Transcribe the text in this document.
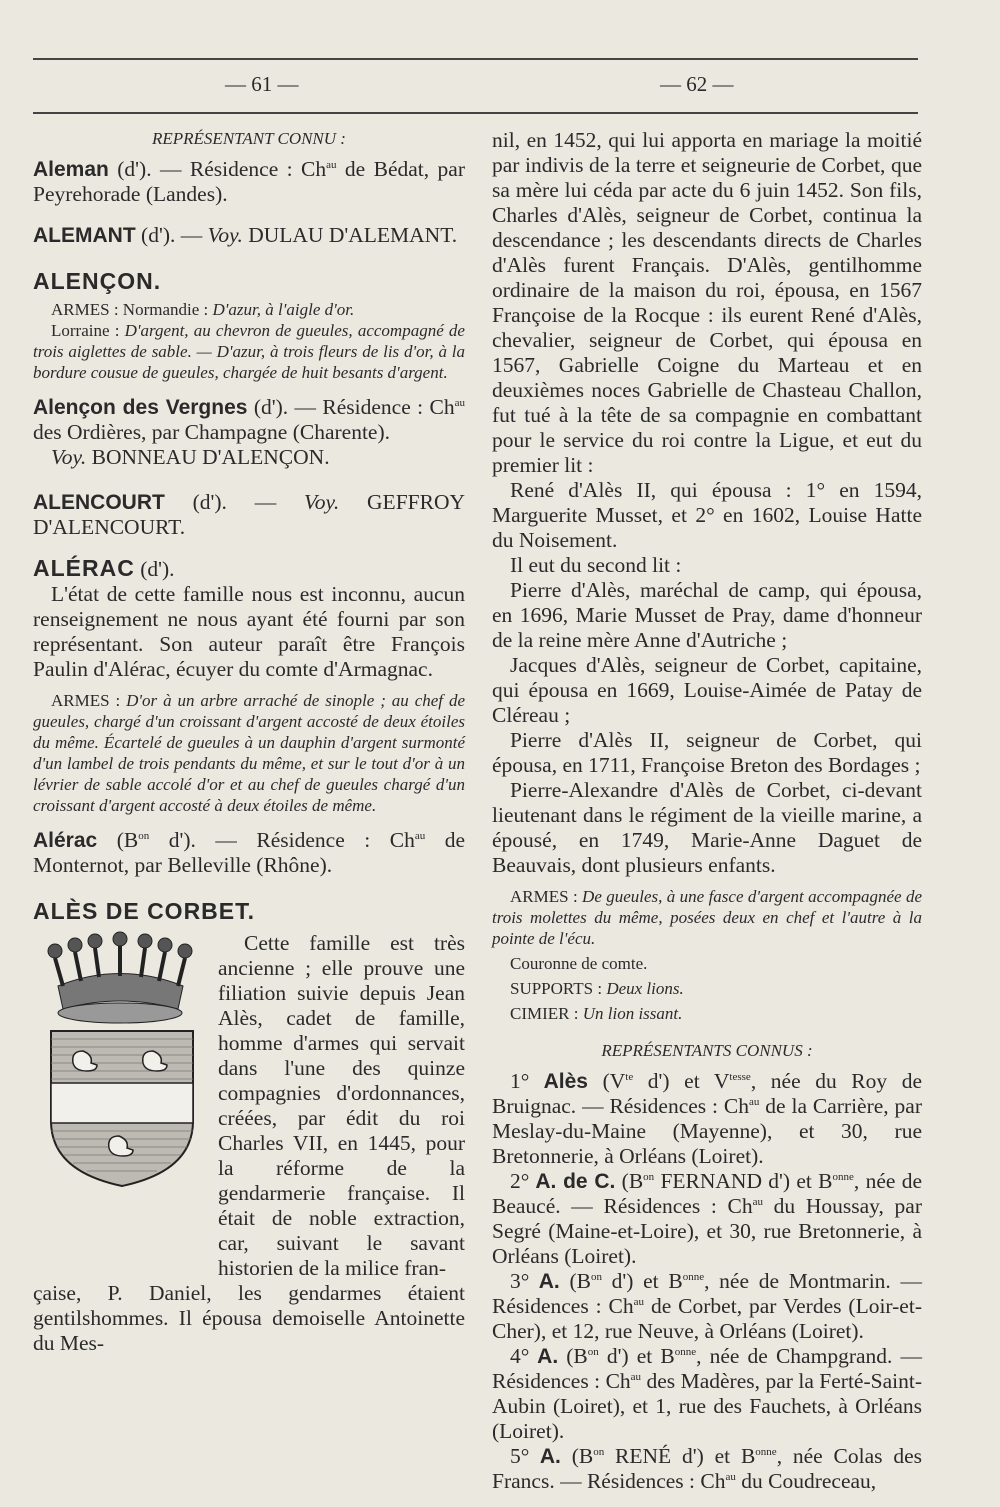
— 61 —	— 62 —

REPRÉSENTANT CONNU :

Aleman (d'). — Résidence : $Ch^{au}$ de Bédat, par Peyrehorade (Landes).

ALEMANT (d'). — Voy. DULAU D'ALEMANT.

ALENÇON.

ARMES : Normandie : D'azur, à l'aigle d'or.

Lorraine : D'argent, au chevron de gueules, accompagné de trois aiglettes de sable. — D'azur, à trois fleurs de lis d'or, à la bordure cousue de gueules, chargée de huit besants d'argent.

Alençon des Vergnes (d'). — Résidence : $Ch^{au}$ des Ordières, par Champagne (Charente).

Voy. BONNEAU D'ALENÇON.

ALENCOURT (d'). — Voy. GEFFROY D'ALENCOURT.

ALÉRAC (d').

L'état de cette famille nous est inconnu, aucun renseignement ne nous ayant été fourni par son représentant. Son auteur paraît être François Paulin d'Alérac, écuyer du comte d'Armagnac.

ARMES : D'or à un arbre arraché de sinople ; au chef de gueules, chargé d'un croissant d'argent accosté de deux étoiles du même. Écartelé de gueules à un dauphin d'argent surmonté d'un lambel de trois pendants du même, et sur le tout d'or à un lévrier de sable accolé d'or et au chef de gueules chargé d'un croissant d'argent accosté à deux étoiles de même.

Alérac ($B^{on}$ d'). — Résidence : $Ch^{au}$ de Monternot, par Belleville (Rhône).

ALÈS DE CORBET.

Cette famille est très ancienne ; elle prouve une filiation suivie depuis Jean Alès, cadet de famille, homme d'armes qui servait dans l'une des quinze compagnies d'ordonnances, créées, par édit du roi Charles VII, en 1445, pour la réforme de la gendarmerie française. Il était de noble extraction, car, suivant le savant historien de la milice fran-

çaise, P. Daniel, les gendarmes étaient gentilshommes. Il épousa demoiselle Antoinette du Mes-

nil, en 1452, qui lui apporta en mariage la moitié par indivis de la terre et seigneurie de Corbet, que sa mère lui céda par acte du 6 juin 1452. Son fils, Charles d'Alès, seigneur de Corbet, continua la descendance ; les descendants directs de Charles d'Alès furent Français. D'Alès, gentilhomme ordinaire de la maison du roi, épousa, en 1567 Françoise de la Rocque : ils eurent René d'Alès, chevalier, seigneur de Corbet, qui épousa en 1567, Gabrielle Coigne du Marteau et en deuxièmes noces Gabrielle de Chasteau Challon, fut tué à la tête de sa compagnie en combattant pour le service du roi contre la Ligue, et eut du premier lit :

René d'Alès II, qui épousa : 1° en 1594, Marguerite Musset, et 2° en 1602, Louise Hatte du Noisement.

Il eut du second lit :

Pierre d'Alès, maréchal de camp, qui épousa, en 1696, Marie Musset de Pray, dame d'honneur de la reine mère Anne d'Autriche ;

Jacques d'Alès, seigneur de Corbet, capitaine, qui épousa en 1669, Louise-Aimée de Patay de Cléreau ;

Pierre d'Alès II, seigneur de Corbet, qui épousa, en 1711, Françoise Breton des Bordages ;

Pierre-Alexandre d'Alès de Corbet, ci-devant lieutenant dans le régiment de la vieille marine, a épousé, en 1749, Marie-Anne Daguet de Beauvais, dont plusieurs enfants.

ARMES : De gueules, à une fasce d'argent accompagnée de trois molettes du même, posées deux en chef et l'autre à la pointe de l'écu.

Couronne de comte.

SUPPORTS : Deux lions.

CIMIER : Un lion issant.

REPRÉSENTANTS CONNUS :

1° Alès ($V^{te}$ d') et $V^{tesse}$, née du Roy de Bruignac. — Résidences : $Ch^{au}$ de la Carrière, par Meslay-du-Maine (Mayenne), et 30, rue Bretonnerie, à Orléans (Loiret).

2° A. de C. ($B^{on}$ FERNAND d') et $B^{onne}$, née de Beaucé. — Résidences : $Ch^{au}$ du Houssay, par Segré (Maine-et-Loire), et 30, rue Bretonnerie, à Orléans (Loiret).

3° A. ($B^{on}$ d') et $B^{onne}$, née de Montmarin. — Résidences : $Ch^{au}$ de Corbet, par Verdes (Loir-et-Cher), et 12, rue Neuve, à Orléans (Loiret).

4° A. ($B^{on}$ d') et $B^{onne}$, née de Champgrand. — Résidences : $Ch^{au}$ des Madères, par la Ferté-Saint-Aubin (Loiret), et 1, rue des Fauchets, à Orléans (Loiret).

5° A. ($B^{on}$ RENÉ d') et $B^{onne}$, née Colas des Francs. — Résidences : $Ch^{au}$ du Coudreceau,
